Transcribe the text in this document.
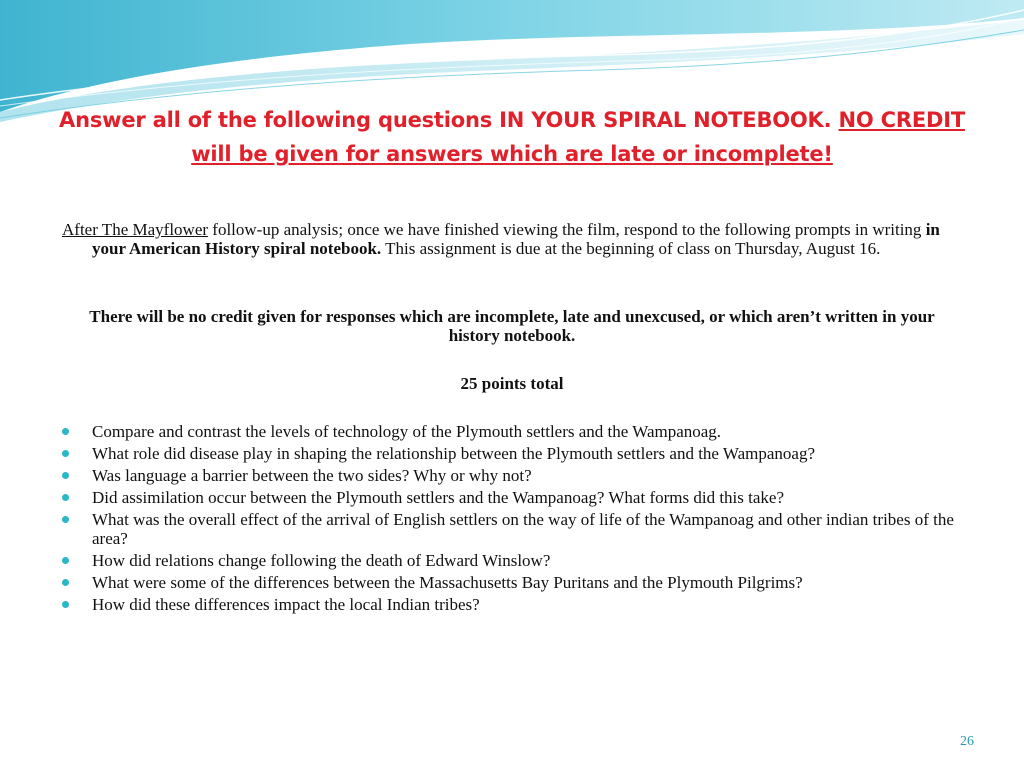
Answer all of the following questions IN YOUR SPIRAL NOTEBOOK. NO CREDIT will be given for answers which are late or incomplete!
After The Mayflower follow-up analysis; once we have finished viewing the film, respond to the following prompts in writing in your American History spiral notebook. This assignment is due at the beginning of class on Thursday, August 16.
There will be no credit given for responses which are incomplete, late and unexcused, or which aren’t written in your history notebook.
25 points total
Compare and contrast the levels of technology of the Plymouth settlers and the Wampanoag.
What role did disease play in shaping the relationship between the Plymouth settlers and the Wampanoag?
Was language a barrier between the two sides? Why or why not?
Did assimilation occur between the Plymouth settlers and the Wampanoag? What forms did this take?
What was the overall effect of the arrival of English settlers on the way of life of the Wampanoag and other indian tribes of the area?
How did relations change following the death of Edward Winslow?
What were some of the differences between the Massachusetts Bay Puritans and the Plymouth Pilgrims?
How did these differences impact the local Indian tribes?
26
